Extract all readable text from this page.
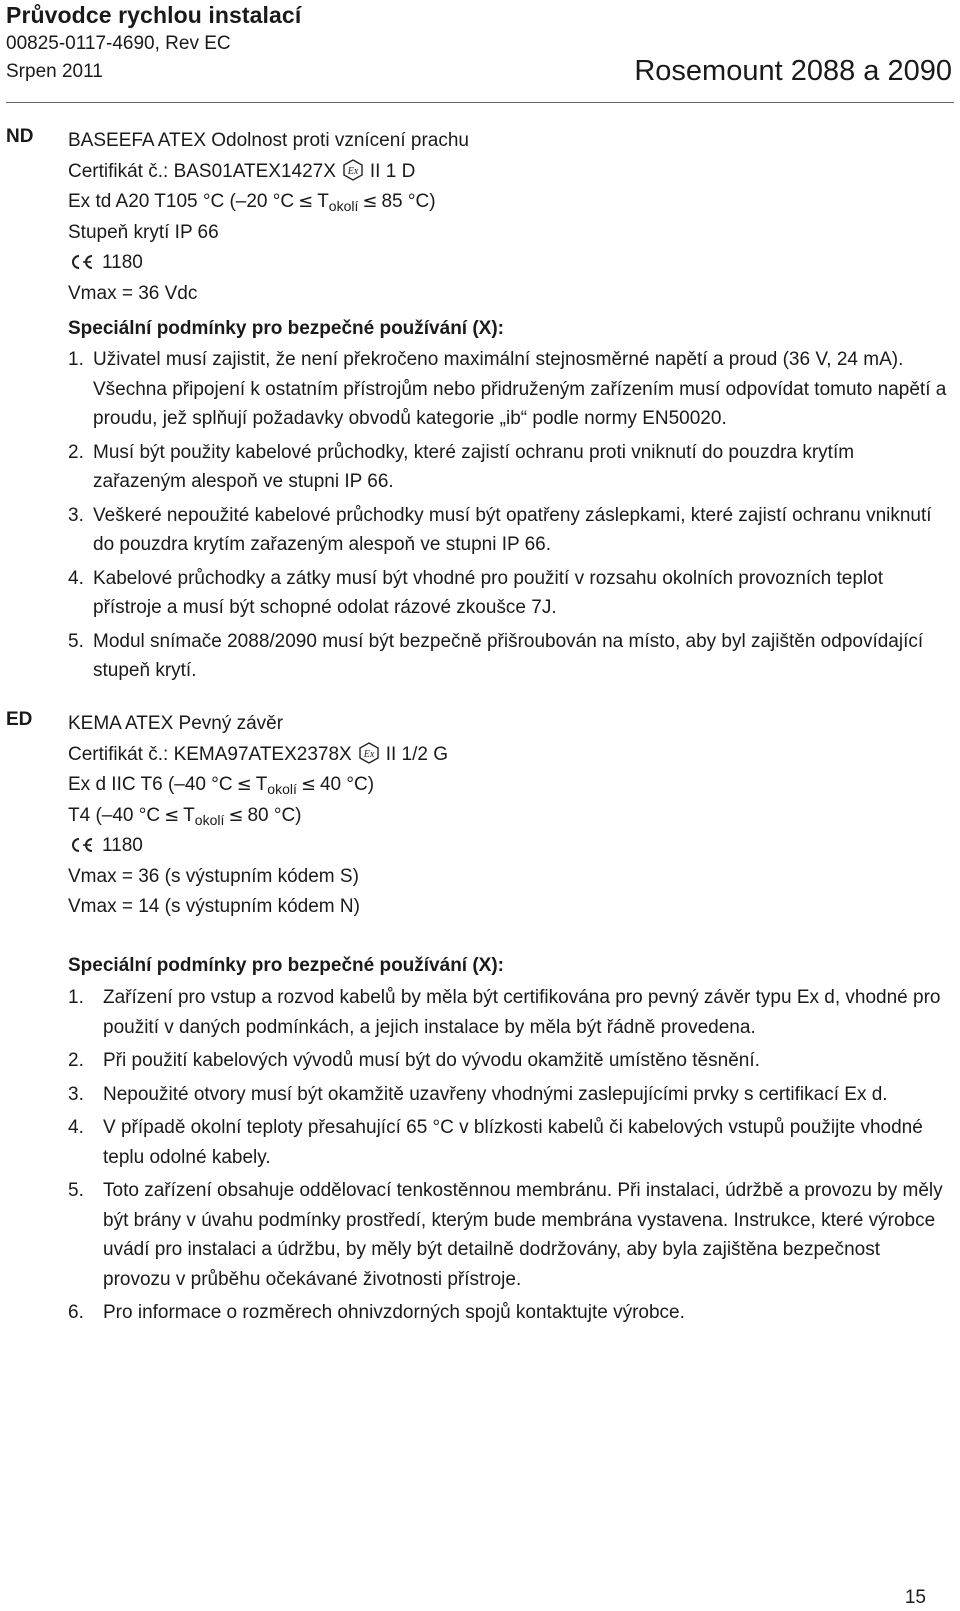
Průvodce rychlou instalací
00825-0117-4690, Rev EC
Srpen 2011	Rosemount 2088 a 2090
ND BASEEFA ATEX Odolnost proti vznícení prachu
Certifikát č.: BAS01ATEX1427X Ex II 1 D
Ex td A20 T105 °C (–20 $^\circ C \le T_{okolí} \le 85$ °C)
Stupeň krytí IP 66
1180
Vmax = 36 Vdc
Speciální podmínky pro bezpečné používání (X):
1. Uživatel musí zajistit, že není překročeno maximální stejnosměrné napětí a proud (36 V, 24 mA). Všechna připojení k ostatním přístrojům nebo přidruženým zařízením musí odpovídat tomuto napětí a proudu, jež splňují požadavky obvodů kategorie „ib“ podle normy EN50020.
2. Musí být použity kabelové průchodky, které zajistí ochranu proti vniknutí do pouzdra krytím zařazeným alespoň ve stupni IP 66.
3. Veškeré nepoužité kabelové průchodky musí být opatřeny záslepkami, které zajistí ochranu vniknutí do pouzdra krytím zařazeným alespoň ve stupni IP 66.
4. Kabelové průchodky a zátky musí být vhodné pro použití v rozsahu okolních provozních teplot přístroje a musí být schopné odolat rázové zkoušce 7J.
5. Modul snímače 2088/2090 musí být bezpečně přišroubován na místo, aby byl zajištěn odpovídající stupeň krytí.
ED KEMA ATEX Pevný závěr
Certifikát č.: KEMA97ATEX2378X Ex II 1/2 G
Ex d IIC T6 (–40 $^\circ C \le T_{okolí} \le 40$ °C)
T4 (–40 $^\circ C \le T_{okolí} \le 80$ °C)
1180
Vmax = 36 (s výstupním kódem S)
Vmax = 14 (s výstupním kódem N)
Speciální podmínky pro bezpečné používání (X):
1. Zařízení pro vstup a rozvod kabelů by měla být certifikována pro pevný závěr typu Ex d, vhodné pro použití v daných podmínkách, a jejich instalace by měla být řádně provedena.
2. Při použití kabelových vývodů musí být do vývodu okamžitě umístěno těsnění.
3. Nepoužité otvory musí být okamžitě uzavřeny vhodnými zaslepujícími prvky s certifikací Ex d.
4. V případě okolní teploty přesahující 65 °C v blízkosti kabelů či kabelových vstupů použijte vhodné teplu odolné kabely.
5. Toto zařízení obsahuje oddělovací tenkostěnnou membránu. Při instalaci, údržbě a provozu by měly být brány v úvahu podmínky prostředí, kterým bude membrána vystavena. Instrukce, které výrobce uvádí pro instalaci a údržbu, by měly být detailně dodržovány, aby byla zajištěna bezpečnost provozu v průběhu očekávané životnosti přístroje.
6. Pro informace o rozměrech ohnivzdorných spojů kontaktujte výrobce.
15
